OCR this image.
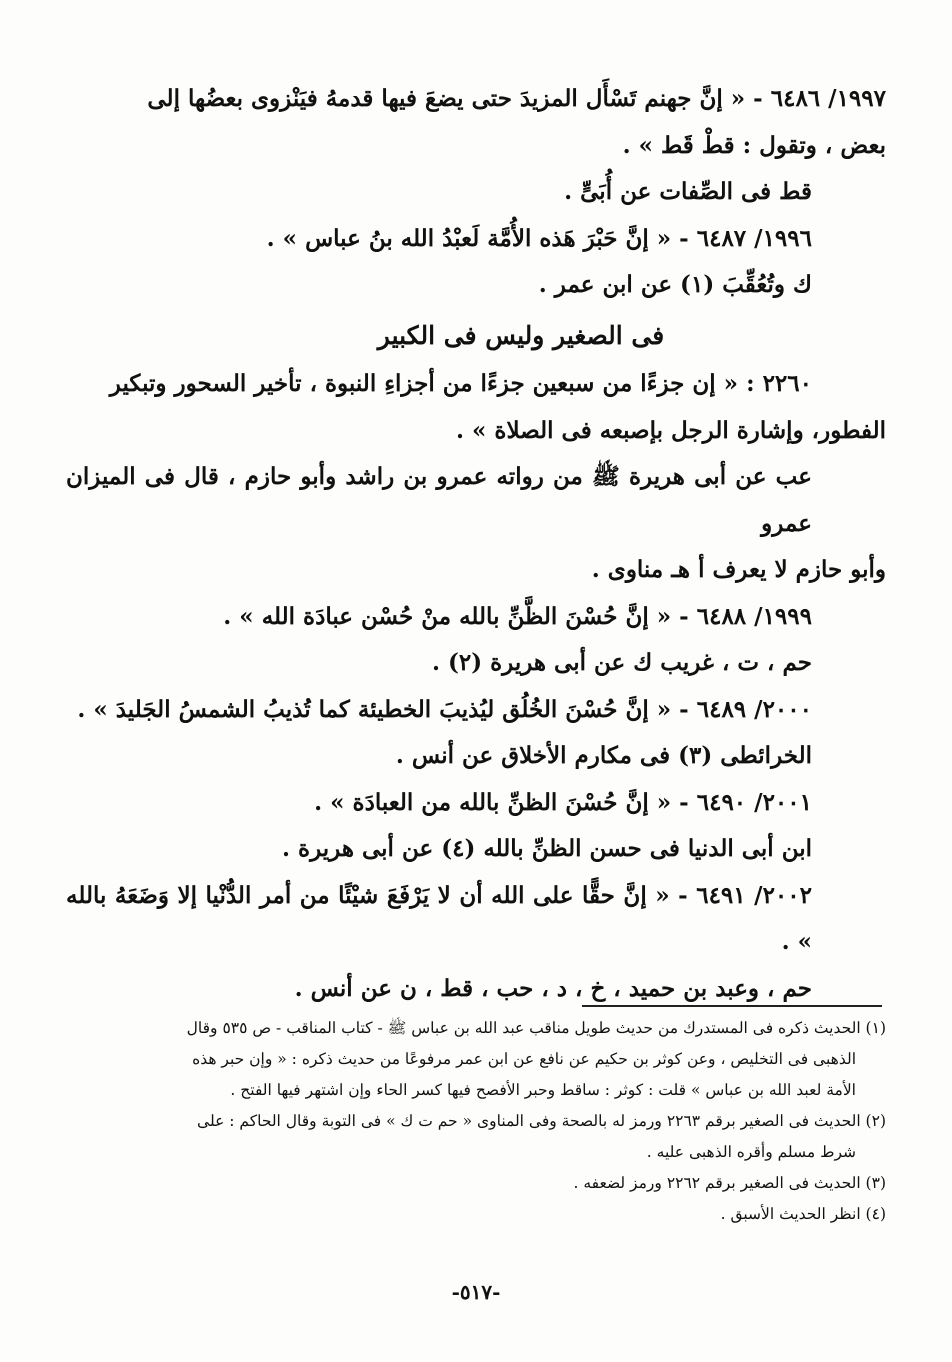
١٩٩٧/ ٦٤٨٦ - « إنَّ جهنم تَسْأَل المزيدَ حتى يضعَ فيها قدمهُ فيَنْزوى بعضُها إلى

بعض ، وتقول : قطْ قَط » .

قط فى الصِّفات عن أُبَىٍّ .

١٩٩٦/ ٦٤٨٧ - « إنَّ حَبْرَ هَذه الأُمَّة لَعبْدُ الله بنُ عباس » .

ك وتُعُقِّبَ (١) عن ابن عمر .

فى الصغير وليس فى الكبير

٢٢٦٠ : « إن جزءًا من سبعين جزءًا من أجزاءِ النبوة ، تأخير السحور وتبكير

الفطور، وإشارة الرجل بإصبعه فى الصلاة » .

عب عن أبى هريرة ﷺ من رواته عمرو بن راشد وأبو حازم ، قال فى الميزان عمرو

وأبو حازم لا يعرف أ هـ مناوى .

١٩٩٩/ ٦٤٨٨ - « إنَّ حُسْنَ الظَّنِّ بالله منْ حُسْن عبادَة الله » .

حم ، ت ، غريب ك عن أبى هريرة (٢) .

٢٠٠٠/ ٦٤٨٩ - « إنَّ حُسْنَ الخُلُق ليُذيبَ الخطيئة كما تُذيبُ الشمسُ الجَليدَ » .

الخرائطى (٣) فى مكارم الأخلاق عن أنس .

٢٠٠١/ ٦٤٩٠ - « إنَّ حُسْنَ الظنِّ بالله من العبادَة » .

ابن أبى الدنيا فى حسن الظنِّ بالله (٤) عن أبى هريرة .

٢٠٠٢/ ٦٤٩١ - « إنَّ حقًّا على الله أن لا يَرْفَعَ شيْئًا من أمر الدُّنْيا إلا وَضَعَهُ بالله » .

حم ، وعبد بن حميد ، خ ، د ، حب ، قط ، ن عن أنس .

(١) الحديث ذكره فى المستدرك من حديث طويل مناقب عبد الله بن عباس ﷺ - كتاب المناقب - ص ٥٣٥ وقال

الذهبى فى التخليص ، وعن كوثر بن حكيم عن نافع عن ابن عمر مرفوعًا من حديث ذكره : « وإن حبر هذه

الأمة لعبد الله بن عباس » قلت : كوثر : ساقط وحبر الأفصح فيها كسر الحاء وإن اشتهر فيها الفتح .

(٢) الحديث فى الصغير برقم ٢٢٦٣ ورمز له بالصحة وفى المناوى « حم ت ك » فى التوبة وقال الحاكم : على

شرط مسلم وأقره الذهبى عليه .

(٣) الحديث فى الصغير برقم ٢٢٦٢ ورمز لضعفه .

(٤) انظر الحديث الأسبق .

-٥١٧-
